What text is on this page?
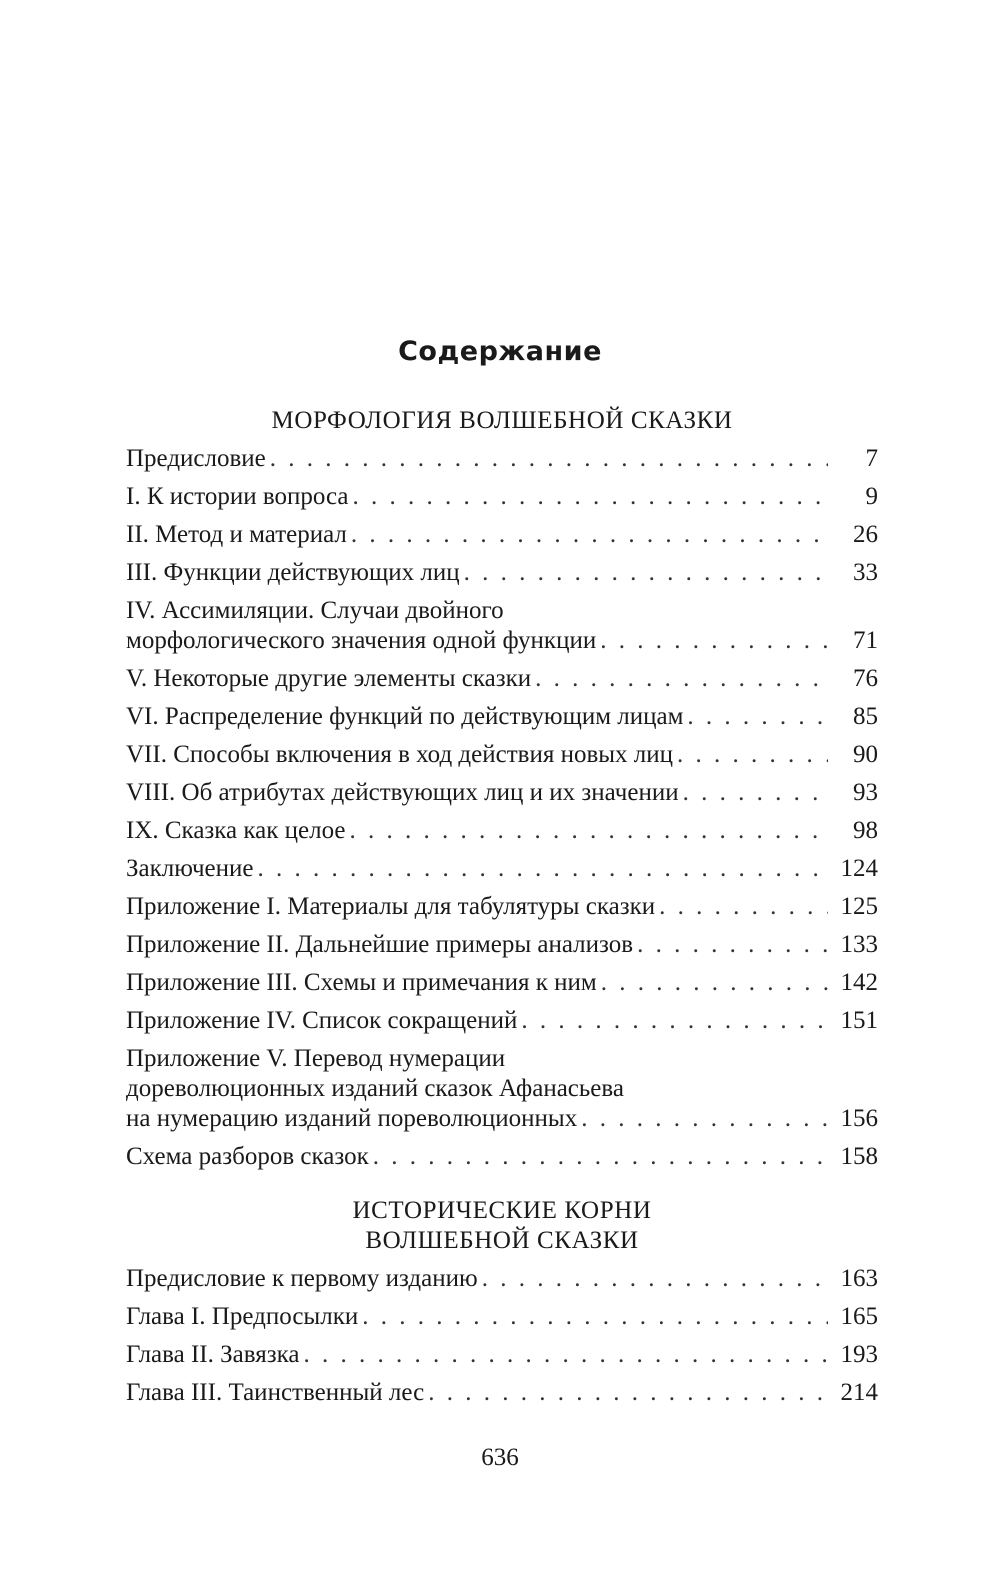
Содержание
МОРФОЛОГИЯ ВОЛШЕБНОЙ СКАЗКИ
Предисловие . . .	7
I. К истории вопроса . . .	9
II. Метод и материал . . .	26
III. Функции действующих лиц . . .	33
IV. Ассимиляции. Случаи двойного
морфологического значения одной функции . . .	71
V. Некоторые другие элементы сказки . . .	76
VI. Распределение функций по действующим лицам . . .	85
VII. Способы включения в ход действия новых лиц . . .	90
VIII. Об атрибутах действующих лиц и их значении . . .	93
IX. Сказка как целое . . .	98
Заключение . . .	124
Приложение I. Материалы для табулятуры сказки . . .	125
Приложение II. Дальнейшие примеры анализов . . .	133
Приложение III. Схемы и примечания к ним . . .	142
Приложение IV. Список сокращений . . .	151
Приложение V. Перевод нумерации
дореволюционных изданий сказок Афанасьева
на нумерацию изданий пореволюционных . . .	156
Схема разборов сказок . . .	158
ИСТОРИЧЕСКИЕ КОРНИ
ВОЛШЕБНОЙ СКАЗКИ
Предисловие к первому изданию . . .	163
Глава I. Предпосылки . . .	165
Глава II. Завязка . . .	193
Глава III. Таинственный лес . . .	214
636
